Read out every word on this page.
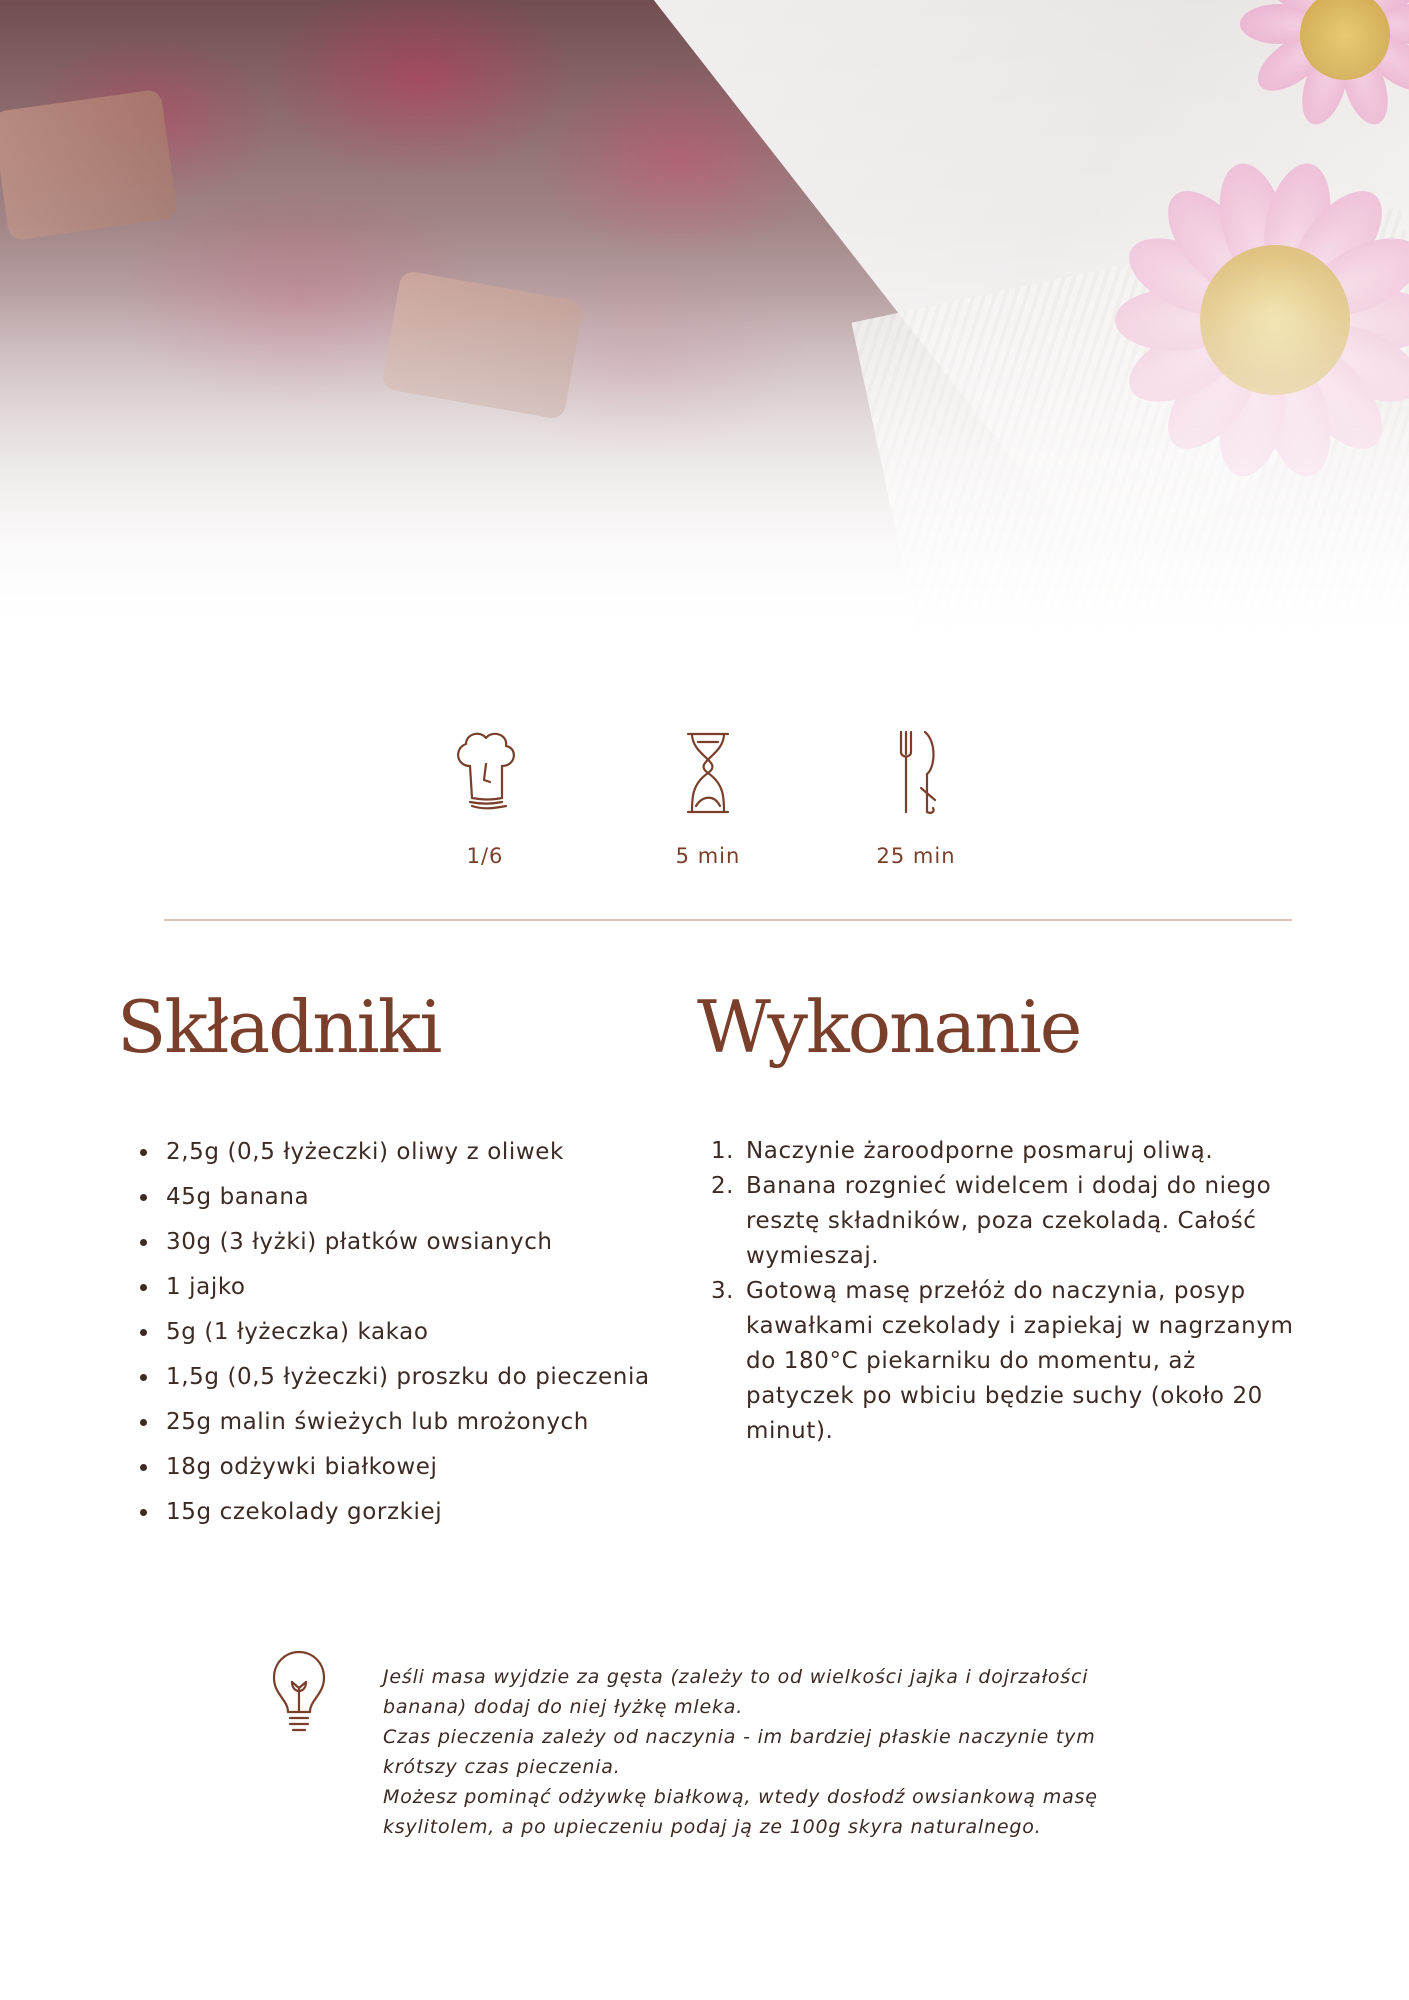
1/6	5 min	25 min
Składniki	Wykonanie
• 2,5g (0,5 łyżeczki) oliwy z oliwek
• 45g banana
• 30g (3 łyżki) płatków owsianych
• 1 jajko
• 5g (1 łyżeczka) kakao
• 1,5g (0,5 łyżeczki) proszku do pieczenia
• 25g malin świeżych lub mrożonych
• 18g odżywki białkowej
• 15g czekolady gorzkiej
1. Naczynie żaroodporne posmaruj oliwą.
2. Banana rozgnieć widelcem i dodaj do niego resztę składników, poza czekoladą. Całość wymieszaj.
3. Gotową masę przełóż do naczynia, posyp kawałkami czekolady i zapiekaj w nagrzanym do 180°C piekarniku do momentu, aż patyczek po wbiciu będzie suchy (około 20 minut).

Jeśli masa wyjdzie za gęsta (zależy to od wielkości jajka i dojrzałości banana) dodaj do niej łyżkę mleka.

Czas pieczenia zależy od naczynia - im bardziej płaskie naczynie tym krótszy czas pieczenia.

Możesz pominąć odżywkę białkową, wtedy dosłodź owsiankową masę ksylitolem, a po upieczeniu podaj ją ze 100g skyra naturalnego.
